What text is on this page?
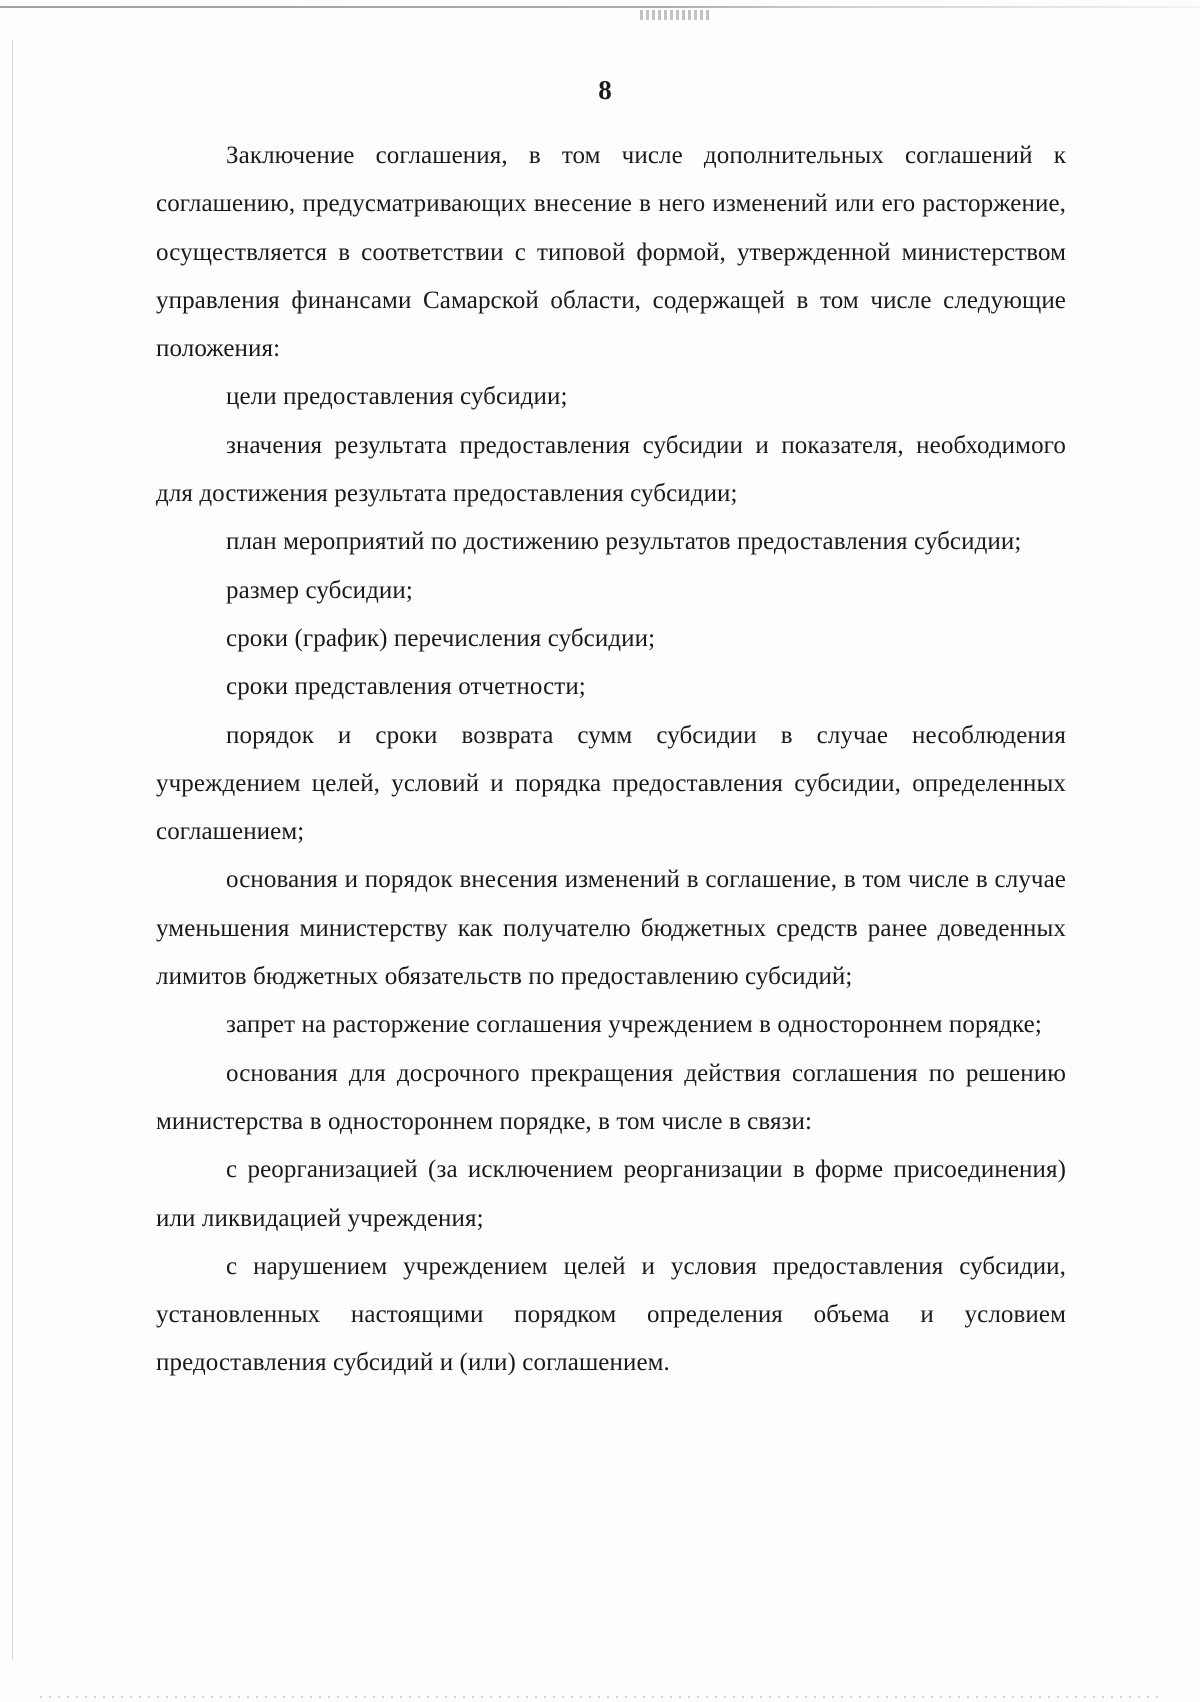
8

Заключение соглашения, в том числе дополнительных соглашений к соглашению, предусматривающих внесение в него изменений или его расторжение, осуществляется в соответствии с типовой формой, утвержденной министерством управления финансами Самарской области, содержащей в том числе следующие положения:

цели предоставления субсидии;

значения результата предоставления субсидии и показателя, необходимого для достижения результата предоставления субсидии;

план мероприятий по достижению результатов предоставления субсидии;

размер субсидии;

сроки (график) перечисления субсидии;

сроки представления отчетности;

порядок и сроки возврата сумм субсидии в случае несоблюдения учреждением целей, условий и порядка предоставления субсидии, определенных соглашением;

основания и порядок внесения изменений в соглашение, в том числе в случае уменьшения министерству как получателю бюджетных средств ранее доведенных лимитов бюджетных обязательств по предоставлению субсидий;

запрет на расторжение соглашения учреждением в одностороннем порядке;

основания для досрочного прекращения действия соглашения по решению министерства в одностороннем порядке, в том числе в связи:

с реорганизацией (за исключением реорганизации в форме присоединения) или ликвидацией учреждения;

с нарушением учреждением целей и условия предоставления субсидии, установленных настоящими порядком определения объема и условием предоставления субсидий и (или) соглашением.
